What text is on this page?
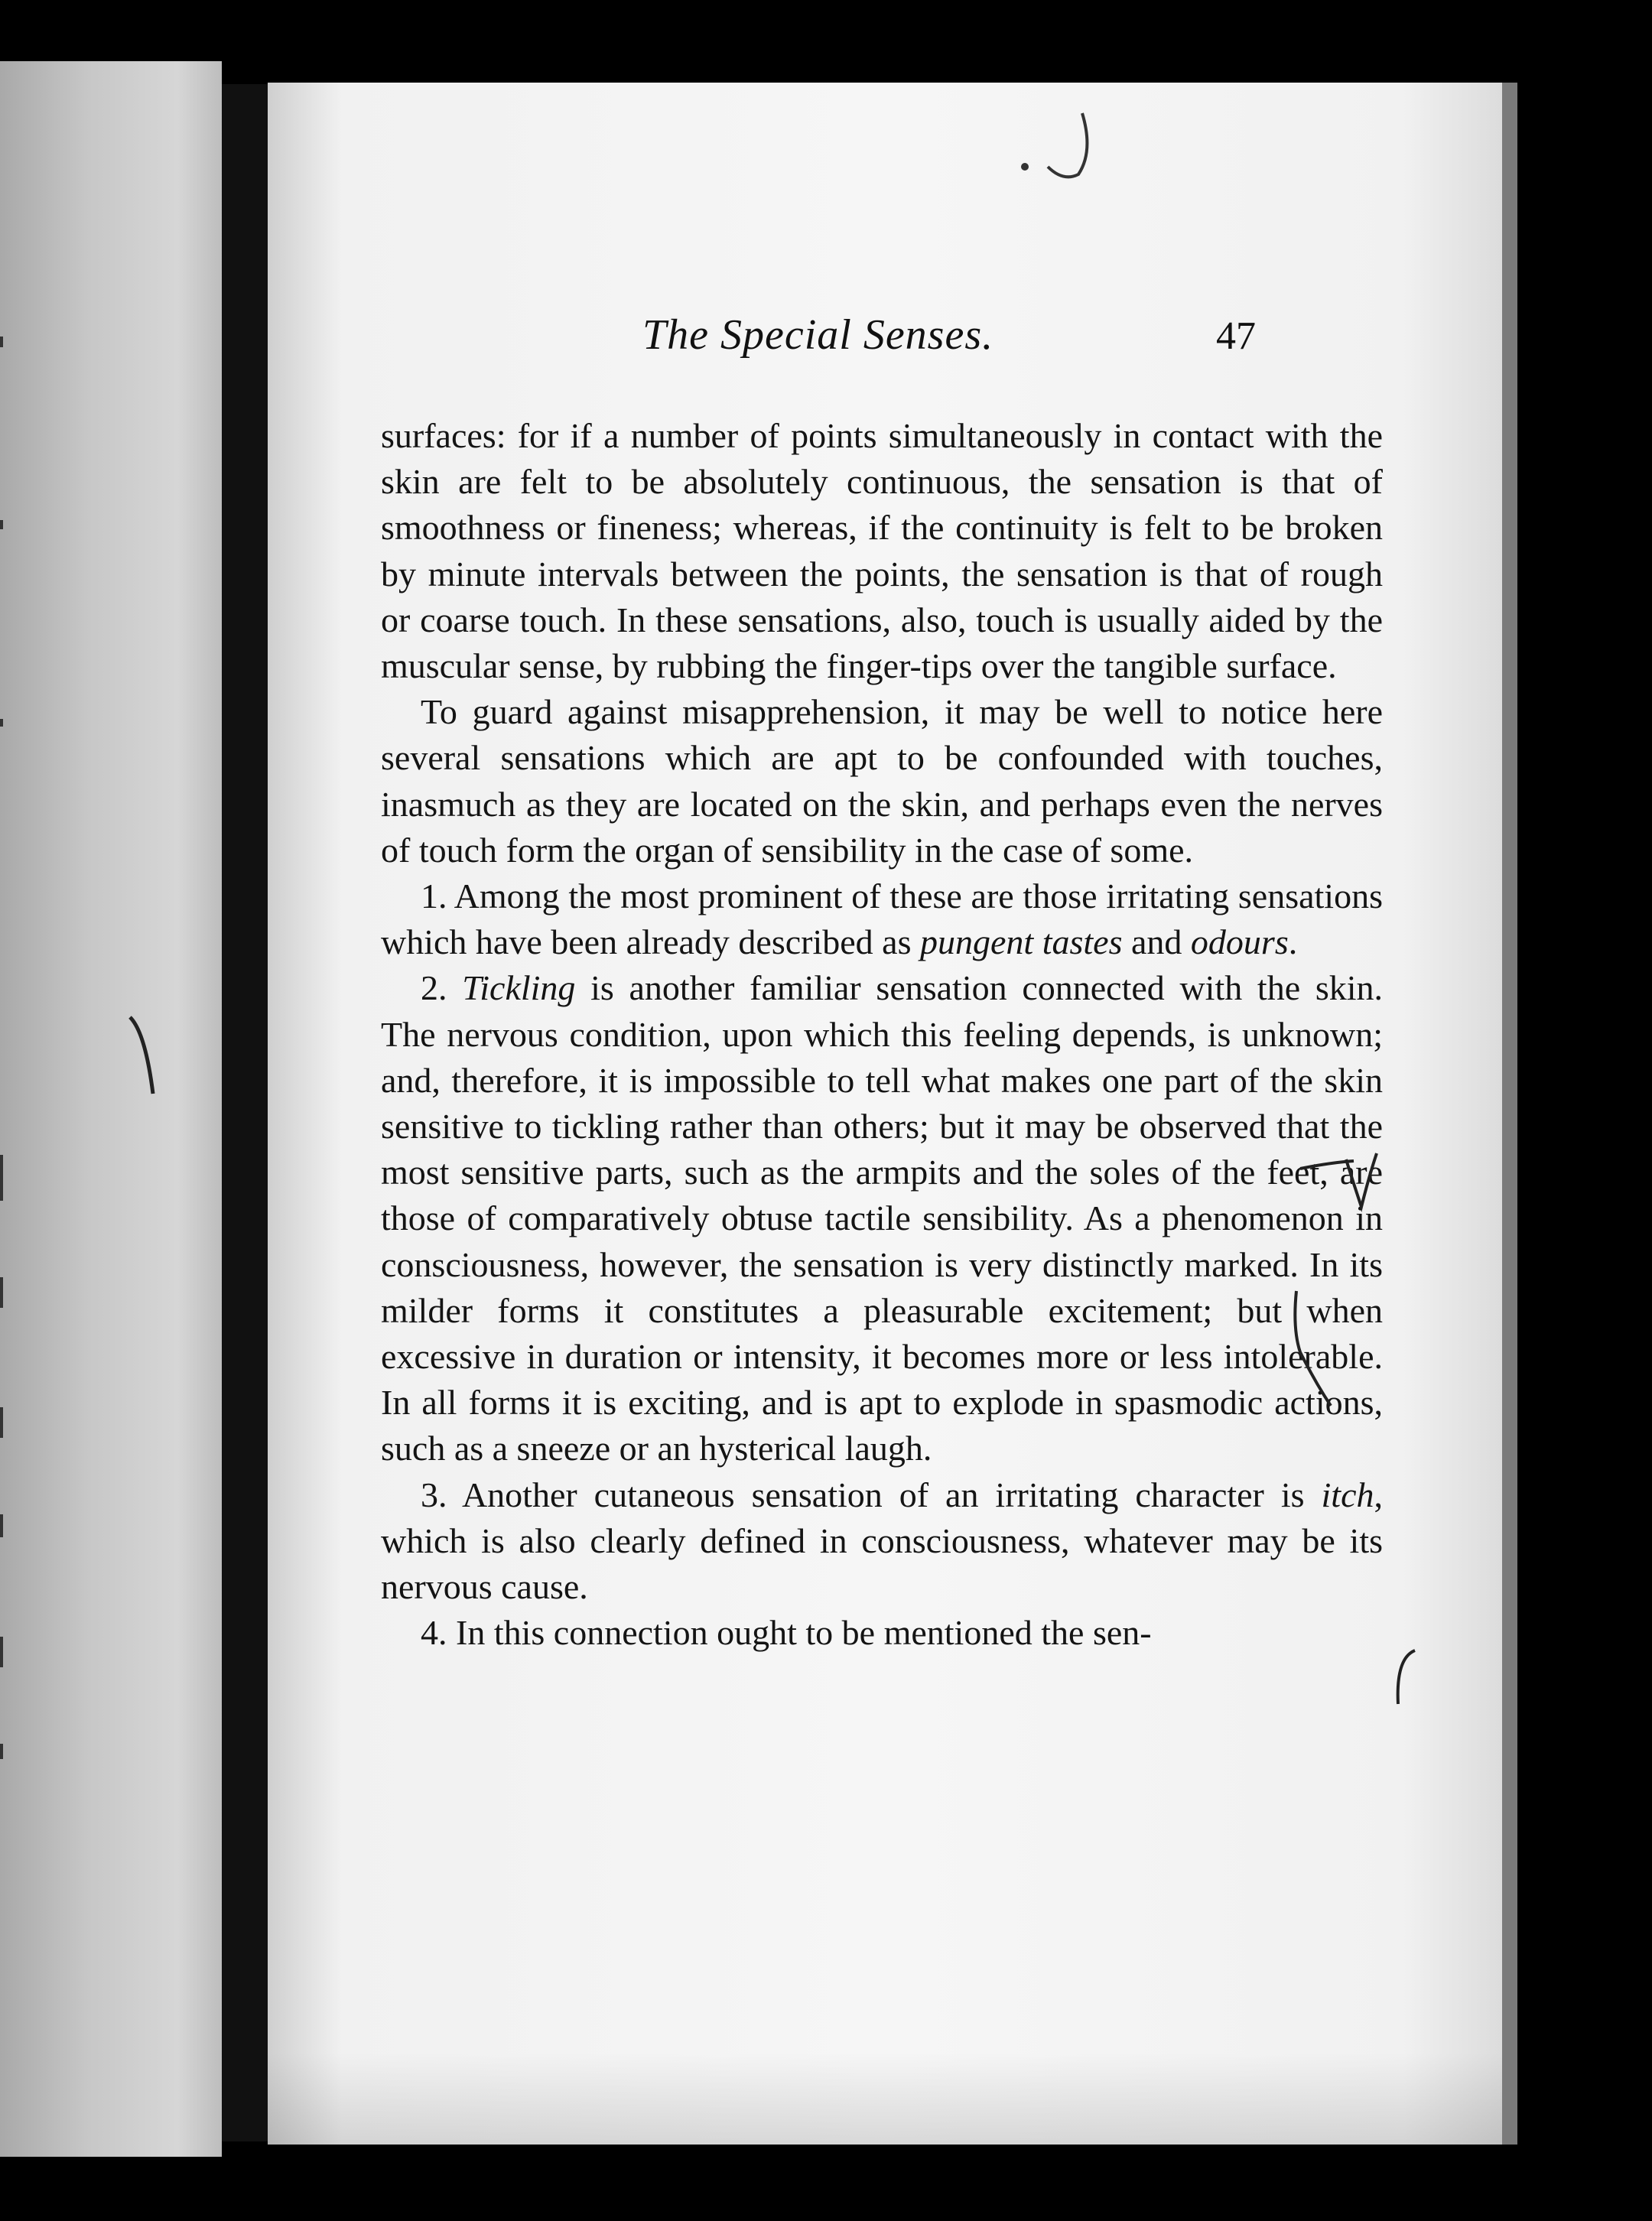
The Special Senses.	47

surfaces: for if a number of points simultaneously in contact with the skin are felt to be absolutely continuous, the sensation is that of smoothness or fineness; whereas, if the continuity is felt to be broken by minute intervals between the points, the sensation is that of rough or coarse touch. In these sensations, also, touch is usually aided by the muscular sense, by rubbing the finger-tips over the tangible surface.

To guard against misapprehension, it may be well to notice here several sensations which are apt to be confounded with touches, inasmuch as they are located on the skin, and perhaps even the nerves of touch form the organ of sensibility in the case of some.

1. Among the most prominent of these are those irritating sensations which have been already described as pungent tastes and odours.

2. Tickling is another familiar sensation connected with the skin. The nervous condition, upon which this feeling depends, is unknown; and, therefore, it is impossible to tell what makes one part of the skin sensitive to tickling rather than others; but it may be observed that the most sensitive parts, such as the armpits and the soles of the feet, are those of comparatively obtuse tactile sensibility. As a phenomenon in consciousness, however, the sensation is very distinctly marked. In its milder forms it constitutes a pleasurable excitement; but when excessive in duration or intensity, it becomes more or less intolerable. In all forms it is exciting, and is apt to explode in spasmodic actions, such as a sneeze or an hysterical laugh.

3. Another cutaneous sensation of an irritating character is itch, which is also clearly defined in consciousness, whatever may be its nervous cause.

4. In this connection ought to be mentioned the sen-
